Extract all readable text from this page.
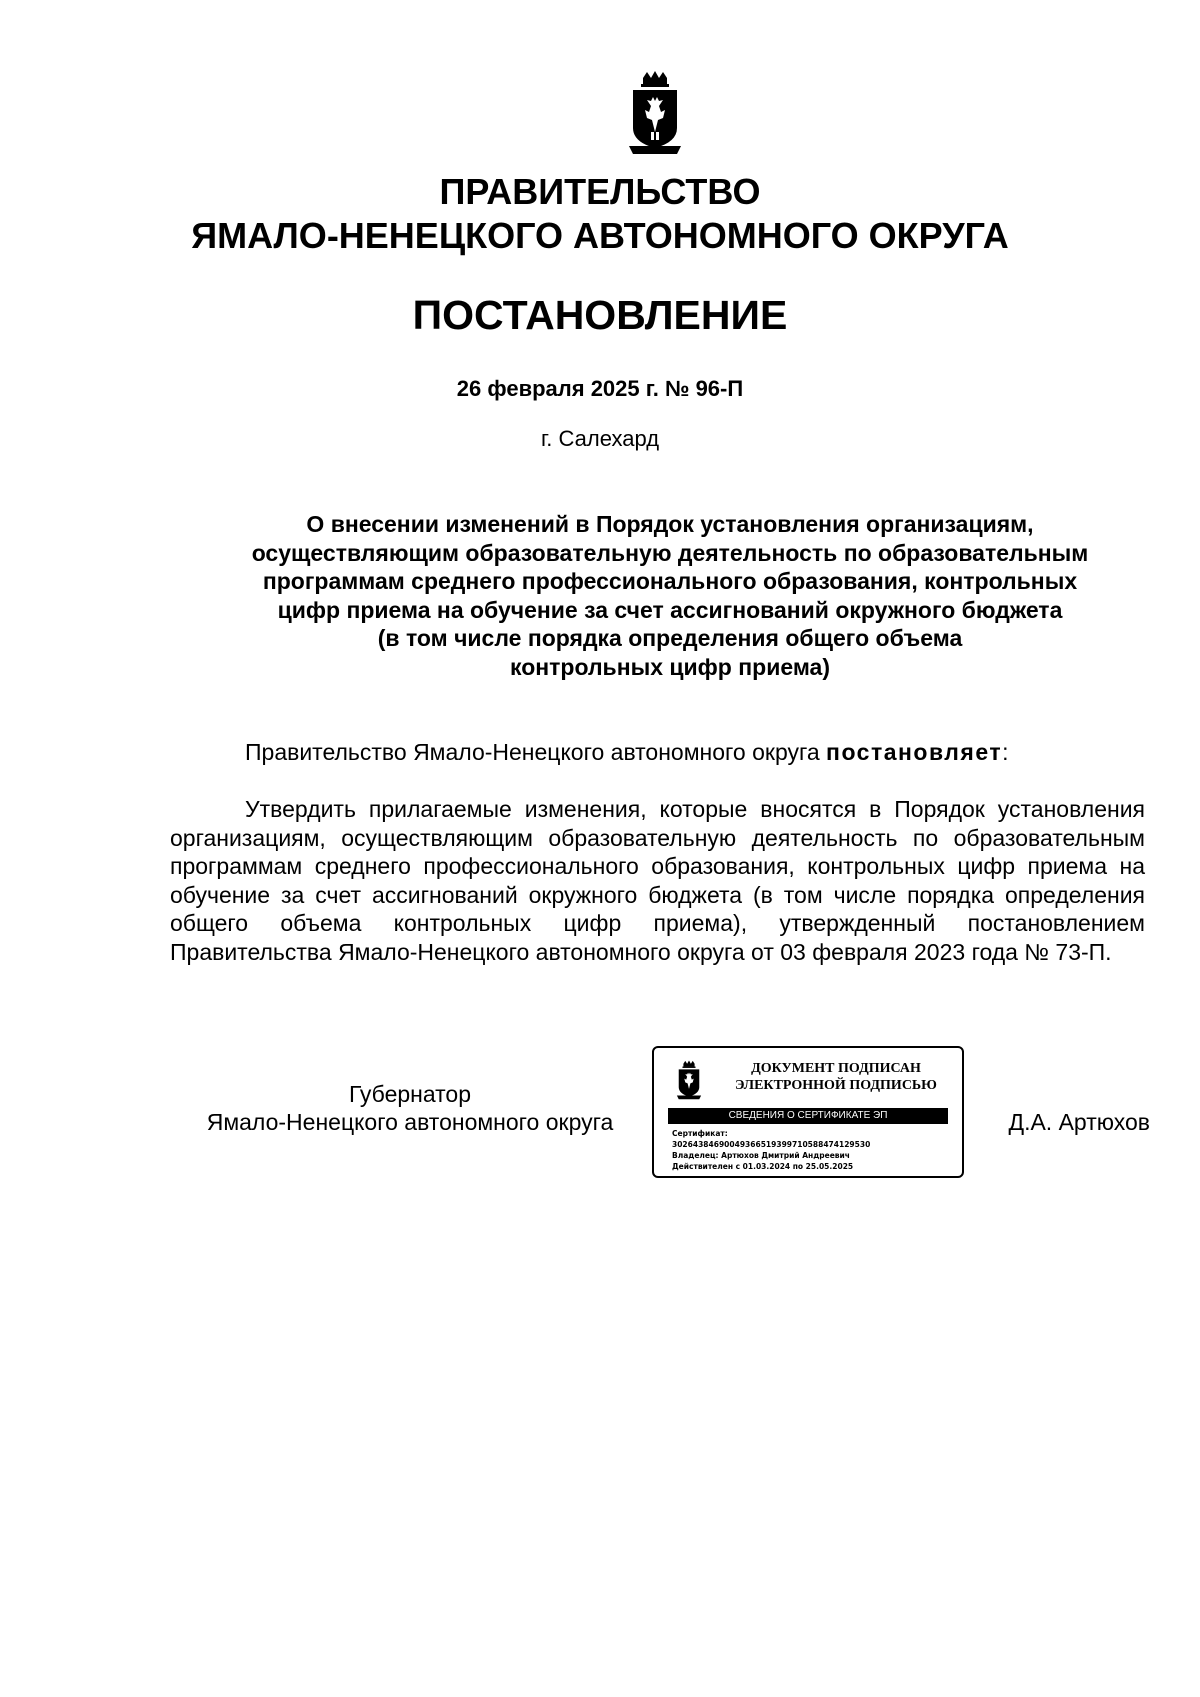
ПРАВИТЕЛЬСТВО
ЯМАЛО-НЕНЕЦКОГО АВТОНОМНОГО ОКРУГА
ПОСТАНОВЛЕНИЕ
26 февраля 2025 г. № 96-П
г. Салехард
О внесении изменений в Порядок установления организациям,
осуществляющим образовательную деятельность по образовательным
программам среднего профессионального образования, контрольных
цифр приема на обучение за счет ассигнований окружного бюджета
(в том числе порядка определения общего объема
контрольных цифр приема)
Правительство Ямало-Ненецкого автономного округа постановляет:
Утвердить прилагаемые изменения, которые вносятся в Порядок установления организациям, осуществляющим образовательную деятельность по образовательным программам среднего профессионального образования, контрольных цифр приема на обучение за счет ассигнований окружного бюджета (в том числе порядка определения общего объема контрольных цифр приема), утвержденный постановлением Правительства Ямало-Ненецкого автономного округа от 03 февраля 2023 года № 73-П.
Губернатор
Ямало-Ненецкого автономного округа
ДОКУМЕНТ ПОДПИСАН
ЭЛЕКТРОННОЙ ПОДПИСЬЮ
СВЕДЕНИЯ О СЕРТИФИКАТЕ ЭП
Сертификат:
30264384690049366519399710588474129530
Владелец: Артюхов Дмитрий Андреевич
Действителен с 01.03.2024 по 25.05.2025
Д.А. Артюхов
